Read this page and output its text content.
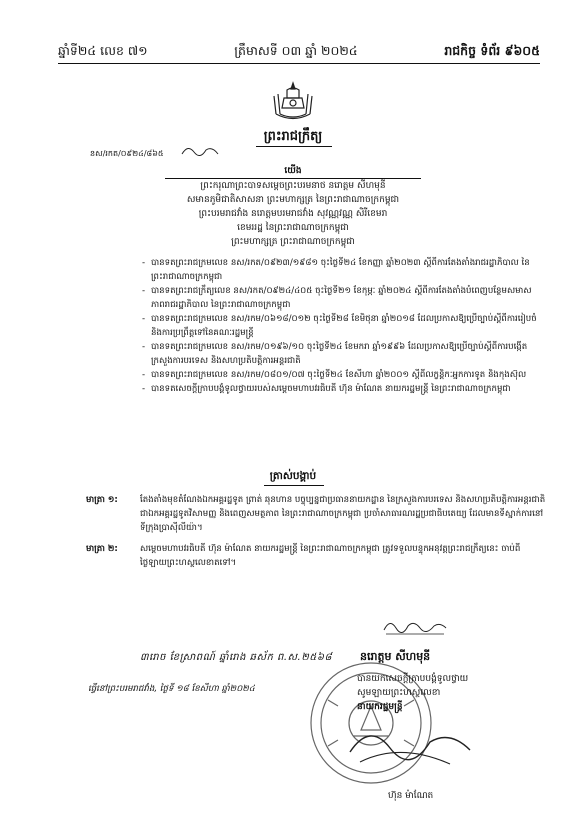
ឆ្នាំទី២៤ លេខ ៧១	ត្រឹមាសទី ០៣ ឆ្នាំ ២០២៤	រាជកិច្ច ទំព័រ ៩៦០៥
ព្រះរាជក្រឹត្យ
នស/រកត/០៩២៤/៨៦៥
យើង
ព្រះករុណាព្រះបាទសម្តេចព្រះបរមនាថ នរោត្តម សីហមុនី
សមានភូមិជាតិសាសនា ព្រះមហាក្សត្រ នៃព្រះរាជាណាចក្រកម្ពុជា
ព្រះបរមរាជវាំង នរោត្តមបរមរាជវាំង សុវណ្ណវណ្ណ សិរីខេមរា
ខេមររដ្ឋ នៃព្រះរាជាណាចក្រកម្ពុជា
ព្រះមហាក្សត្រ ព្រះរាជាណាចក្រកម្ពុជា
- បានទតព្រះរាជក្រមលេខ នស/រកត/០៩២៣/១៩៨១ ចុះថ្ងៃទី២៤ ខែកញ្ញា ឆ្នាំ២០២៣ ស្តីពីការតែងតាំងរាជរដ្ឋាភិបាល នៃព្រះរាជាណាចក្រកម្ពុជា
- បានទតព្រះរាជក្រឹត្យលេខ នស/រកត/០៩២៤/៤០៥ ចុះថ្ងៃទី២១ ខែកុម្ភៈ ឆ្នាំ២០២៤ ស្តីពីការតែងតាំងបំពេញបន្ថែមសមាសភាពរាជរដ្ឋាភិបាល នៃព្រះរាជាណាចក្រកម្ពុជា
- បានទតព្រះរាជក្រមលេខ នស/រកម/០៦១៨/០១២ ចុះថ្ងៃទី២៨ ខែមិថុនា ឆ្នាំ២០១៨ ដែលប្រកាសឱ្យប្រើច្បាប់ស្តីពីការរៀបចំ និងការប្រព្រឹត្តទៅនៃគណៈរដ្ឋមន្ត្រី
- បានទតព្រះរាជក្រមលេខ នស/រកម/០១៩៦/១០ ចុះថ្ងៃទី២៤ ខែមករា ឆ្នាំ១៩៩៦ ដែលប្រកាសឱ្យប្រើច្បាប់ស្តីពីការបង្កើតក្រសួងការបរទេស និងសហប្រតិបត្តិការអន្តរជាតិ
- បានទតព្រះរាជក្រមលេខ នស/រកម/០៨០១/០៧ ចុះថ្ងៃទី២៤ ខែសីហា ឆ្នាំ២០០១ ស្តីពីលក្ខន្តិកៈអ្នកការទូត និងកុងស៊ុល
- បានទតសេចក្តីក្រាបបង្គំទូលថ្វាយរបស់សម្តេចមហាបវរធិបតី ហ៊ុន ម៉ាណែត នាយករដ្ឋមន្ត្រី នៃព្រះរាជាណាចក្រកម្ពុជា
ត្រាស់បង្គាប់
មាត្រា ១:	តែងតាំងមុខតំណែងឯកអគ្គរដ្ឋទូត ព្រាត់ ឆុនហាន បច្ចុប្បន្នជាប្រធាននាយកដ្ឋាន នៃក្រសួងការបរទេស និងសហប្រតិបត្តិការអន្តរជាតិ ជាឯកអគ្គរដ្ឋទូតវិសាមញ្ញ និងពេញសមត្ថភាព នៃព្រះរាជាណាចក្រកម្ពុជា ប្រចាំសាធារណរដ្ឋប្រជាធិបតេយ្យ ដែលមានទីស្នាក់ការនៅទីក្រុងប្រាស៊ីលីយ៉ា។
មាត្រា ២:	សម្តេចមហាបវរធិបតី ហ៊ុន ម៉ាណែត នាយករដ្ឋមន្ត្រី នៃព្រះរាជាណាចក្រកម្ពុជា ត្រូវទទួលបន្ទុកអនុវត្តព្រះរាជក្រឹត្យនេះ ចាប់ពីថ្ងៃឡាយព្រះហស្ថលេខាតទៅ។
៣រោច ខែស្រាពណ៍ ឆ្នាំរោង ឆស័ក ព.ស.២៥៦៨	នរោត្តម សីហមុនី
ធ្វើនៅព្រះបរមរាជវាំង, ថ្ងៃទី ១៨ ខែសីហា ឆ្នាំ២០២៤
បានយកសេចក្តីក្រាបបង្គំទូលថ្វាយ
សូមឡាយព្រះហស្ថលេខា
នាយករដ្ឋមន្ត្រី
ហ៊ុន ម៉ាណែត
